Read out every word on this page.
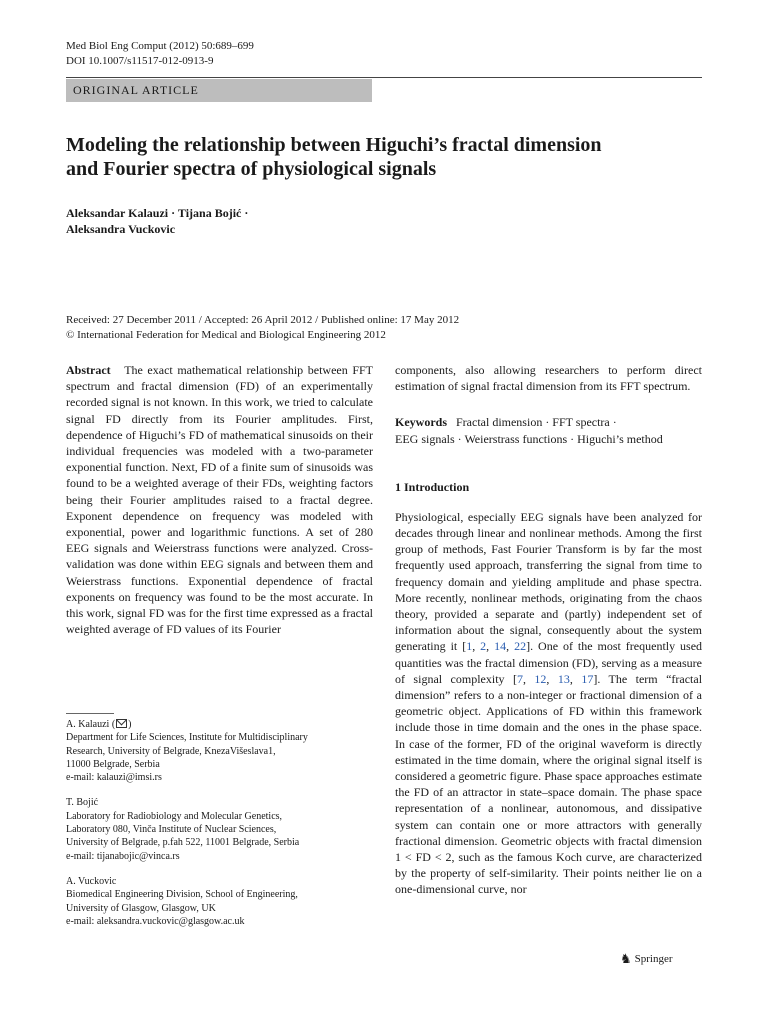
Med Biol Eng Comput (2012) 50:689–699
DOI 10.1007/s11517-012-0913-9
ORIGINAL ARTICLE
Modeling the relationship between Higuchi’s fractal dimension
and Fourier spectra of physiological signals
Aleksandar Kalauzi · Tijana Bojić ·
Aleksandra Vuckovic
Received: 27 December 2011 / Accepted: 26 April 2012 / Published online: 17 May 2012
© International Federation for Medical and Biological Engineering 2012

Abstract The exact mathematical relationship between FFT spectrum and fractal dimension (FD) of an experimentally recorded signal is not known. In this work, we tried to calculate signal FD directly from its Fourier amplitudes. First, dependence of Higuchi’s FD of mathematical sinusoids on their individual frequencies was modeled with a two-parameter exponential function. Next, FD of a finite sum of sinusoids was found to be a weighted average of their FDs, weighting factors being their Fourier amplitudes raised to a fractal degree. Exponent dependence on frequency was modeled with exponential, power and logarithmic functions. A set of 280 EEG signals and Weierstrass functions were analyzed. Cross-validation was done within EEG signals and between them and Weierstrass functions. Exponential dependence of fractal exponents on frequency was found to be the most accurate. In this work, signal FD was for the first time expressed as a fractal weighted average of FD values of its Fourier

components, also allowing researchers to perform direct estimation of signal fractal dimension from its FFT spectrum.

Keywords Fractal dimension · FFT spectra ·
EEG signals · Weierstrass functions · Higuchi’s method
1 Introduction

Physiological, especially EEG signals have been analyzed for decades through linear and nonlinear methods. Among the first group of methods, Fast Fourier Transform is by far the most frequently used approach, transferring the signal from time to frequency domain and yielding amplitude and phase spectra. More recently, nonlinear methods, originating from the chaos theory, provided a separate and (partly) independent set of information about the signal, consequently about the system generating it [1, 2, 14, 22]. One of the most frequently used quantities was the fractal dimension (FD), serving as a measure of signal complexity [7, 12, 13, 17]. The term “fractal dimension” refers to a non-integer or fractional dimension of a geometric object. Applications of FD within this framework include those in time domain and the ones in the phase space. In case of the former, FD of the original waveform is directly estimated in the time domain, where the original signal itself is considered a geometric figure. Phase space approaches estimate the FD of an attractor in state–space domain. The phase space representation of a nonlinear, autonomous, and dissipative system can contain one or more attractors with generally fractional dimension. Geometric objects with fractal dimension 1 < FD < 2, such as the famous Koch curve, are characterized by the property of self-similarity. Their points neither lie on a one-dimensional curve, nor

A. Kalauzi ( )
Department for Life Sciences, Institute for Multidisciplinary
Research, University of Belgrade, KnezaVišeslava1,
11000 Belgrade, Serbia
e-mail: kalauzi@imsi.rs
T. Bojić
Laboratory for Radiobiology and Molecular Genetics,
Laboratory 080, Vinča Institute of Nuclear Sciences,
University of Belgrade, p.fah 522, 11001 Belgrade, Serbia
e-mail: tijanabojic@vinca.rs
A. Vuckovic
Biomedical Engineering Division, School of Engineering,
University of Glasgow, Glasgow, UK
e-mail: aleksandra.vuckovic@glasgow.ac.uk
♞ Springer
